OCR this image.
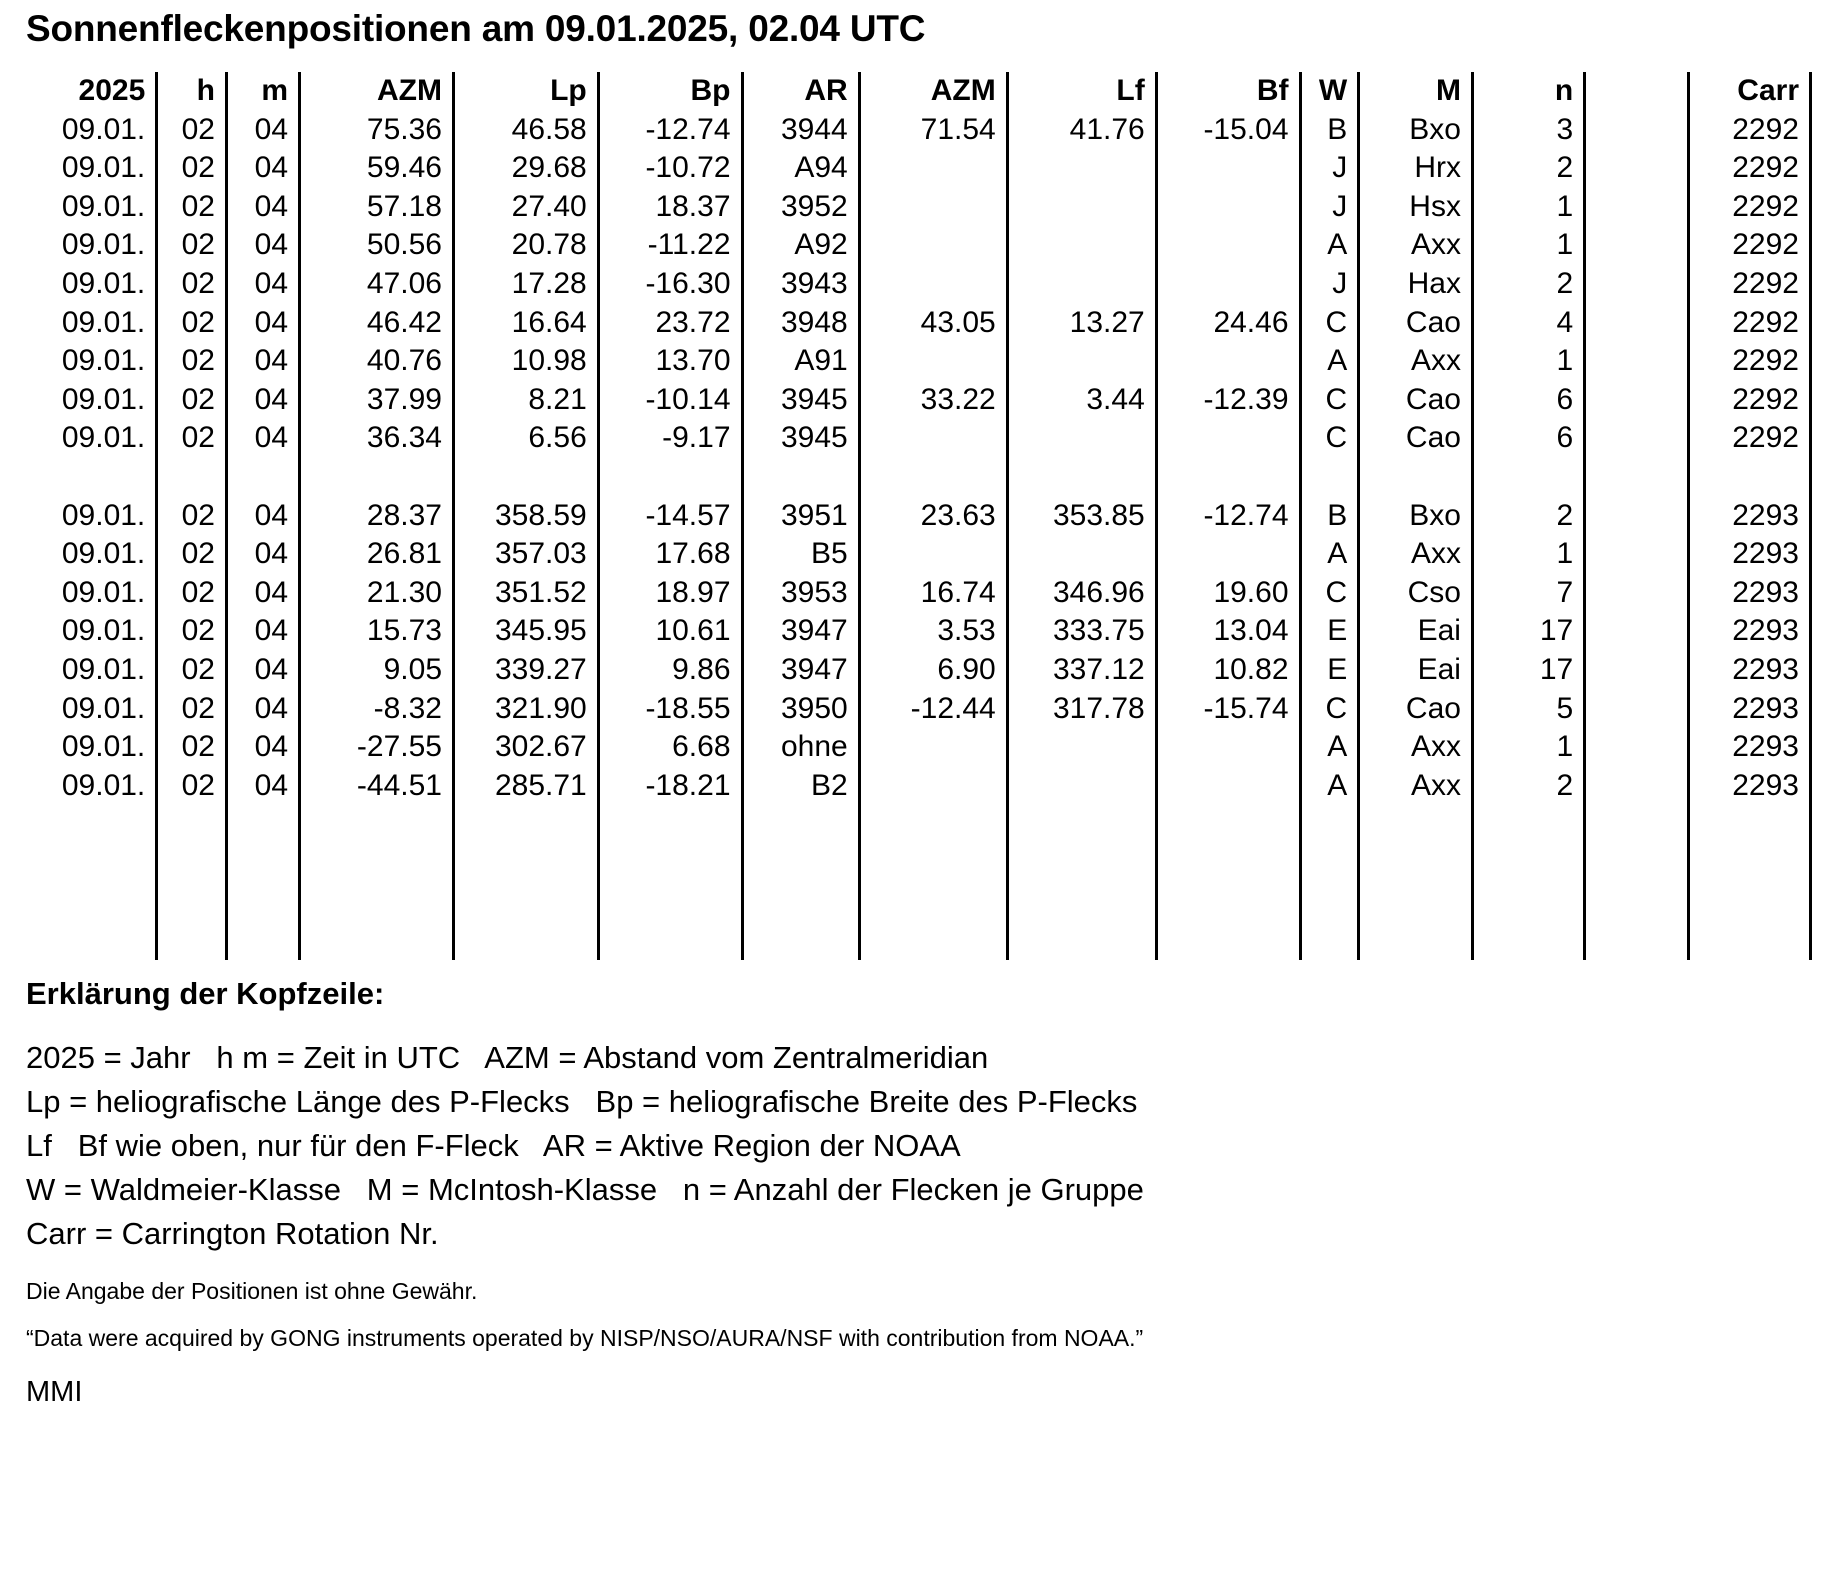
Sonnenfleckenpositionen am 09.01.2025, 02.04 UTC
2025	h	m	AZM	Lp	Bp	AR	AZM	Lf	Bf	W	M	n		Carr
09.01.	02	04	75.36	46.58	-12.74	3944	71.54	41.76	-15.04	B	Bxo	3		2292
09.01.	02	04	59.46	29.68	-10.72	A94				J	Hrx	2		2292
09.01.	02	04	57.18	27.40	18.37	3952				J	Hsx	1		2292
09.01.	02	04	50.56	20.78	-11.22	A92				A	Axx	1		2292
09.01.	02	04	47.06	17.28	-16.30	3943				J	Hax	2		2292
09.01.	02	04	46.42	16.64	23.72	3948	43.05	13.27	24.46	C	Cao	4		2292
09.01.	02	04	40.76	10.98	13.70	A91				A	Axx	1		2292
09.01.	02	04	37.99	8.21	-10.14	3945	33.22	3.44	-12.39	C	Cao	6		2292
09.01.	02	04	36.34	6.56	-9.17	3945				C	Cao	6		2292

09.01.	02	04	28.37	358.59	-14.57	3951	23.63	353.85	-12.74	B	Bxo	2		2293
09.01.	02	04	26.81	357.03	17.68	B5				A	Axx	1		2293
09.01.	02	04	21.30	351.52	18.97	3953	16.74	346.96	19.60	C	Cso	7		2293
09.01.	02	04	15.73	345.95	10.61	3947	3.53	333.75	13.04	E	Eai	17		2293
09.01.	02	04	9.05	339.27	9.86	3947	6.90	337.12	10.82	E	Eai	17		2293
09.01.	02	04	-8.32	321.90	-18.55	3950	-12.44	317.78	-15.74	C	Cao	5		2293
09.01.	02	04	-27.55	302.67	6.68	ohne				A	Axx	1		2293
09.01.	02	04	-44.51	285.71	-18.21	B2				A	Axx	2		2293

Erklärung der Kopfzeile:
2025 = Jahr   h m = Zeit in UTC   AZM = Abstand vom Zentralmeridian
Lp = heliografische Länge des P-Flecks   Bp = heliografische Breite des P-Flecks
Lf   Bf wie oben, nur für den F-Fleck   AR = Aktive Region der NOAA
W = Waldmeier-Klasse   M = McIntosh-Klasse   n = Anzahl der Flecken je Gruppe
Carr = Carrington Rotation Nr.
Die Angabe der Positionen ist ohne Gewähr.
“Data were acquired by GONG instruments operated by NISP/NSO/AURA/NSF with contribution from NOAA.”
MMI
